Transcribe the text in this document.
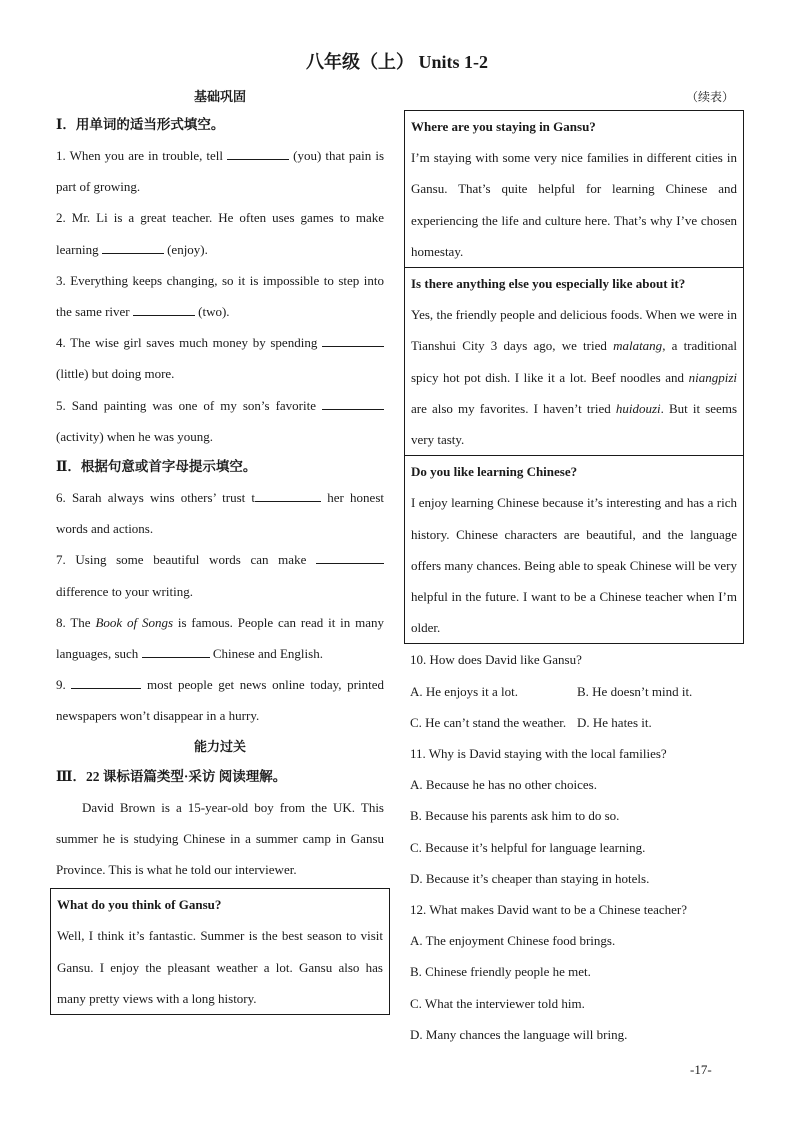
八年级（上） Units 1-2
基础巩固
Ⅰ．用单词的适当形式填空。
1. When you are in trouble, tell	(you) that pain is part of growing.
2. Mr. Li is a great teacher. He often uses games to make learning	(enjoy).
3. Everything keeps changing, so it is impossible to step into the same river	(two).
4. The wise girl saves much money by spending  (little) but doing more.
5. Sand painting was one of my son’s favorite  (activity) when he was young.
Ⅱ．根据句意或首字母提示填空。
6. Sarah always wins others’ trust t	her honest words and actions.
7. Using some beautiful words can make  difference to your writing.
8. The Book of Songs is famous. People can read it in many languages, such	Chinese and English.
9.	most people get news online today, printed newspapers won’t disappear in a hurry.
能力过关
Ⅲ．22 课标语篇类型·采访 阅读理解。
David Brown is a 15-year-old boy from the UK. This summer he is studying Chinese in a summer camp in Gansu Province. This is what he told our interviewer.
What do you think of Gansu?
Well, I think it’s fantastic. Summer is the best season to visit Gansu. I enjoy the pleasant weather a lot. Gansu also has many pretty views with a long history.
（续表）
Where are you staying in Gansu?
I’m staying with some very nice families in different cities in Gansu. That’s quite helpful for learning Chinese and experiencing the life and culture here. That’s why I’ve chosen homestay.
Is there anything else you especially like about it?
Yes, the friendly people and delicious foods. When we were in Tianshui City 3 days ago, we tried malatang, a traditional spicy hot pot dish. I like it a lot. Beef noodles and niangpizi are also my favorites. I haven’t tried huidouzi. But it seems very tasty.
Do you like learning Chinese?
I enjoy learning Chinese because it’s interesting and has a rich history. Chinese characters are beautiful, and the language offers many chances. Being able to speak Chinese will be very helpful in the future. I want to be a Chinese teacher when I’m older.
10. How does David like Gansu?
A. He enjoys it a lot.	B. He doesn’t mind it.
C. He can’t stand the weather. D. He hates it.
11. Why is David staying with the local families?
A. Because he has no other choices.
B. Because his parents ask him to do so.
C. Because it’s helpful for language learning.
D. Because it’s cheaper than staying in hotels.
12. What makes David want to be a Chinese teacher?
A. The enjoyment Chinese food brings.
B. Chinese friendly people he met.
C. What the interviewer told him.
D. Many chances the language will bring.
-17-
